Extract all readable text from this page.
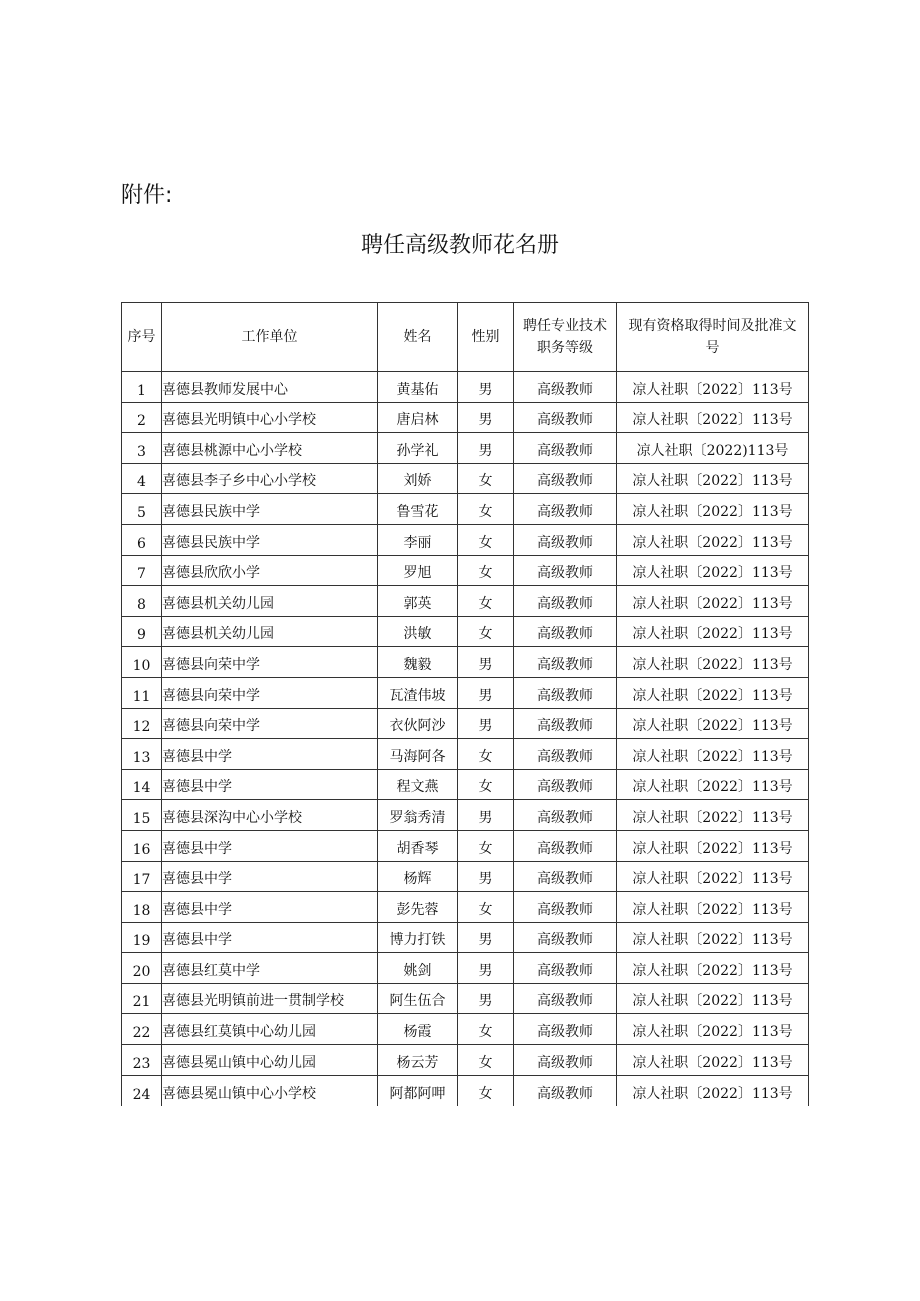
附件:
聘任高级教师花名册
序号	工作单位	姓名	性别	聘任专业技术职务等级	现有资格取得时间及批准文号
1	喜德县教师发展中心	黄基佑	男	高级教师	凉人社职〔2022〕113号
2	喜德县光明镇中心小学校	唐启林	男	高级教师	凉人社职〔2022〕113号
3	喜德县桃源中心小学校	孙学礼	男	高级教师	凉人社职〔2022)113号
4	喜德县李子乡中心小学校	刘娇	女	高级教师	凉人社职〔2022〕113号
5	喜德县民族中学	鲁雪花	女	高级教师	凉人社职〔2022〕113号
6	喜德县民族中学	李丽	女	高级教师	凉人社职〔2022〕113号
7	喜德县欣欣小学	罗旭	女	高级教师	凉人社职〔2022〕113号
8	喜德县机关幼儿园	郭英	女	高级教师	凉人社职〔2022〕113号
9	喜德县机关幼儿园	洪敏	女	高级教师	凉人社职〔2022〕113号
10	喜德县向荣中学	魏毅	男	高级教师	凉人社职〔2022〕113号
11	喜德县向荣中学	瓦渣伟坡	男	高级教师	凉人社职〔2022〕113号
12	喜德县向荣中学	衣伙阿沙	男	高级教师	凉人社职〔2022〕113号
13	喜德县中学	马海阿各	女	高级教师	凉人社职〔2022〕113号
14	喜德县中学	程文燕	女	高级教师	凉人社职〔2022〕113号
15	喜德县深沟中心小学校	罗翁秀清	男	高级教师	凉人社职〔2022〕113号
16	喜德县中学	胡香琴	女	高级教师	凉人社职〔2022〕113号
17	喜德县中学	杨辉	男	高级教师	凉人社职〔2022〕113号
18	喜德县中学	彭先蓉	女	高级教师	凉人社职〔2022〕113号
19	喜德县中学	博力打铁	男	高级教师	凉人社职〔2022〕113号
20	喜德县红莫中学	姚剑	男	高级教师	凉人社职〔2022〕113号
21	喜德县光明镇前进一贯制学校	阿生伍合	男	高级教师	凉人社职〔2022〕113号
22	喜德县红莫镇中心幼儿园	杨霞	女	高级教师	凉人社职〔2022〕113号
23	喜德县冕山镇中心幼儿园	杨云芳	女	高级教师	凉人社职〔2022〕113号
24	喜德县冕山镇中心小学校	阿都阿呷	女	高级教师	凉人社职〔2022〕113号
